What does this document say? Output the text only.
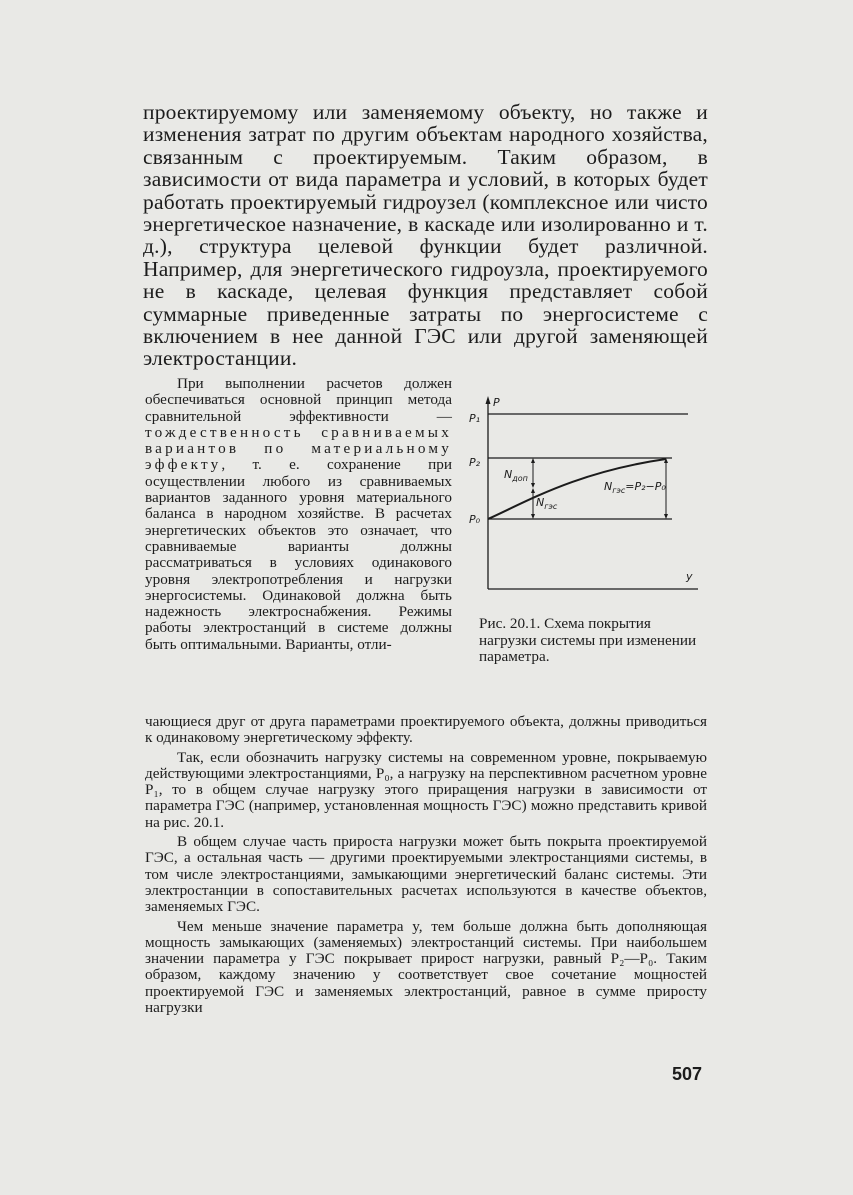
проектируемому или заменяемому объекту, но также и изменения затрат по другим объектам народного хозяйства, связанным с проектируемым. Таким образом, в зависимости от вида параметра и условий, в которых будет работать проектируемый гидроузел (комплексное или чисто энергетическое назначение, в каскаде или изолированно и т. д.), структура целевой функции будет различной. Например, для энергетического гидроузла, проектируемого не в каскаде, целевая функция представляет собой суммарные приведенные затраты по энергосистеме с включением в нее данной ГЭС или другой заменяющей электростанции.
При выполнении расчетов должен обеспечиваться основной принцип метода сравнительной эффективности — тождественность сравниваемых вариантов по материальному эффекту, т. е. сохранение при осуществлении любого из сравниваемых вариантов заданного уровня материального баланса в народном хозяйстве. В расчетах энергетических объектов это означает, что сравниваемые варианты должны рассматриваться в условиях одинакового уровня электропотребления и нагрузки энергосистемы. Одинаковой должна быть надежность электроснабжения. Режимы работы электростанций в системе должны быть оптимальными. Варианты, отли-
P
y
P₁
P₂
P₀
$N_{доп}$
$N_{гэс}$
$N_{гэс}=P_2-P_0$
Рис. 20.1. Схема покрытия нагрузки системы при изменении параметра.

чающиеся друг от друга параметрами проектируемого объекта, должны приводиться к одинаковому энергетическому эффекту.

Так, если обозначить нагрузку системы на современном уровне, покрываемую действующими электростанциями, P₀, а нагрузку на перспективном расчетном уровне P₁, то в общем случае нагрузку этого приращения нагрузки в зависимости от параметра ГЭС (например, установленная мощность ГЭС) можно представить кривой на рис. 20.1.

В общем случае часть прироста нагрузки может быть покрыта проектируемой ГЭС, а остальная часть — другими проектируемыми электростанциями системы, в том числе электростанциями, замыкающими энергетический баланс системы. Эти электростанции в сопоставительных расчетах используются в качестве объектов, заменяемых ГЭС.

Чем меньше значение параметра y, тем больше должна быть дополняющая мощность замыкающих (заменяемых) электростанций системы. При наибольшем значении параметра y ГЭС покрывает прирост нагрузки, равный P₂—P₀. Таким образом, каждому значению y соответствует свое сочетание мощностей проектируемой ГЭС и заменяемых электростанций, равное в сумме приросту нагрузки

507
